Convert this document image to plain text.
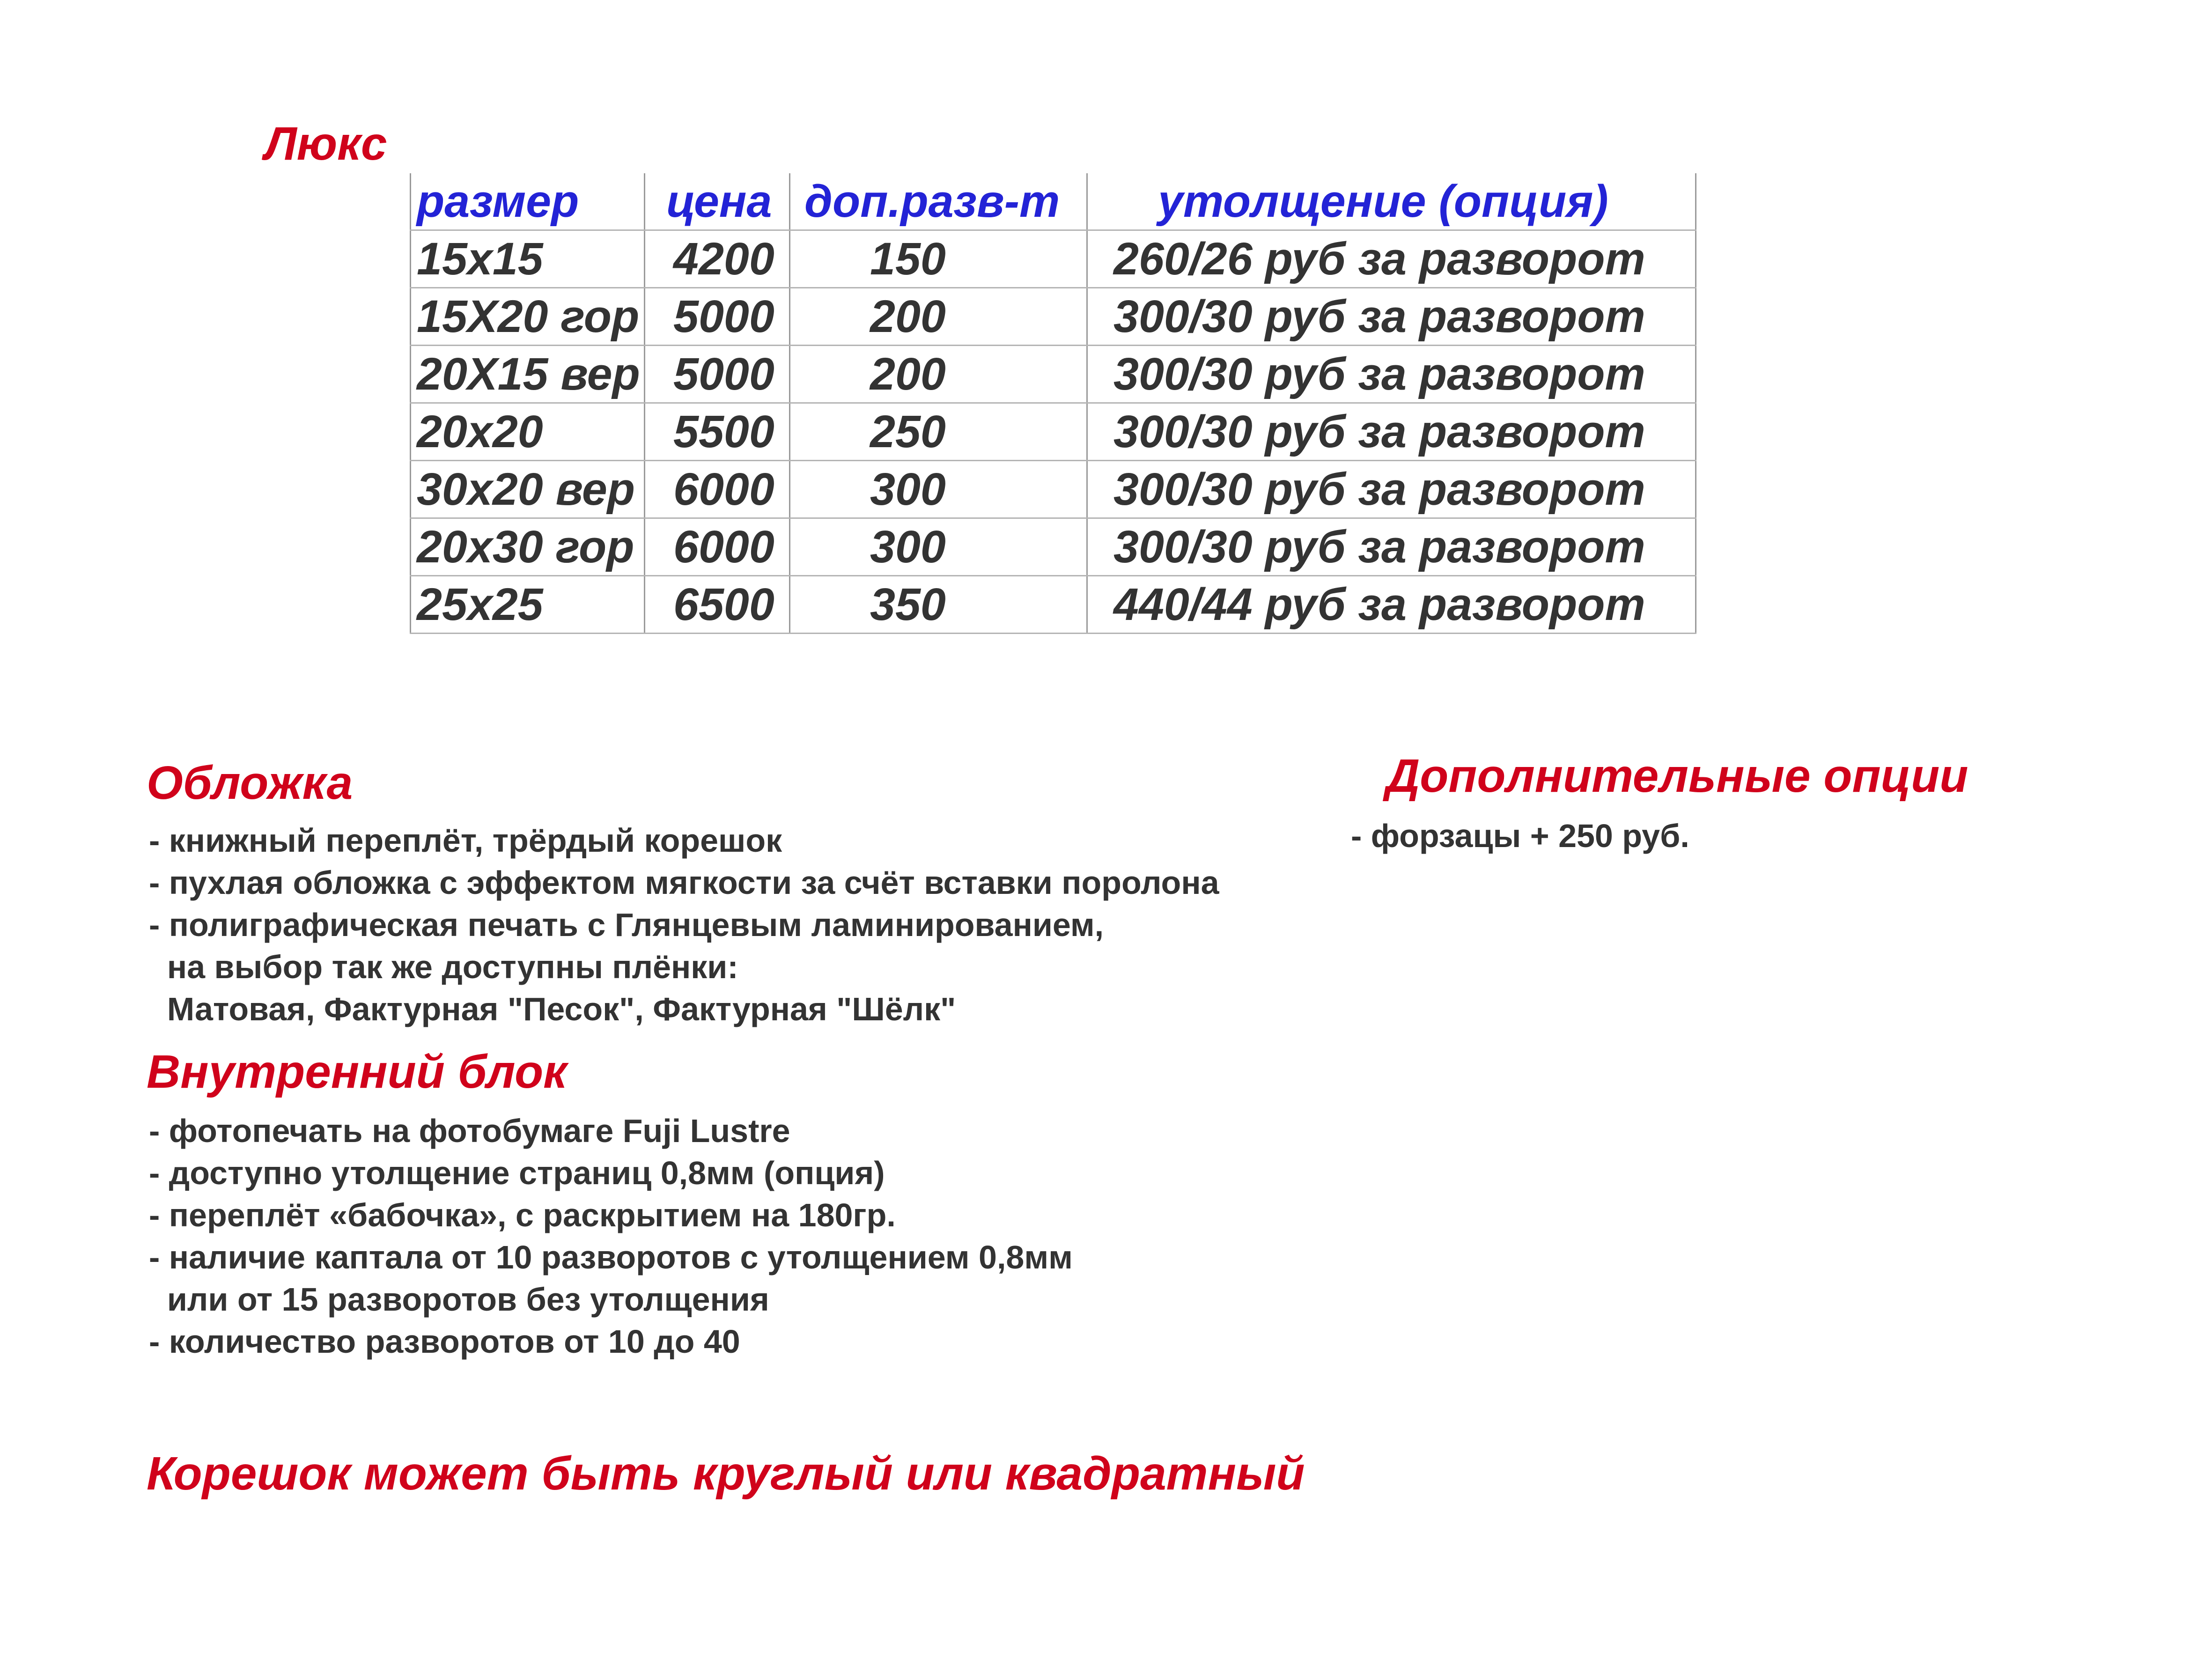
Люкс
размер	цена	доп.разв-т	утолщение (опция)
15x15	4200	150	260/26 руб за разворот
15X20 гор	5000	200	300/30 руб за разворот
20X15 вер	5000	200	300/30 руб за разворот
20x20	5500	250	300/30 руб за разворот
30x20 вер	6000	300	300/30 руб за разворот
20x30 гор	6000	300	300/30 руб за разворот
25x25	6500	350	440/44 руб за разворот
Обложка
- книжный переплёт, трёрдый корешок
- пухлая обложка с эффектом мягкости за счёт вставки поролона
- полиграфическая печать с Глянцевым ламинированием,
на выбор так же доступны плёнки:
Матовая, Фактурная "Песок", Фактурная "Шёлк"
Внутренний блок
- фотопечать на фотобумаге Fuji Lustre
- доступно утолщение страниц 0,8мм (опция)
- переплёт «бабочка», с раскрытием на 180гр.
- наличие каптала от 10 разворотов с утолщением 0,8мм
или от 15 разворотов без утолщения
- количество разворотов от 10 до 40
Дополнительные опции
- форзацы + 250 руб.
Корешок может быть круглый или квадратный
